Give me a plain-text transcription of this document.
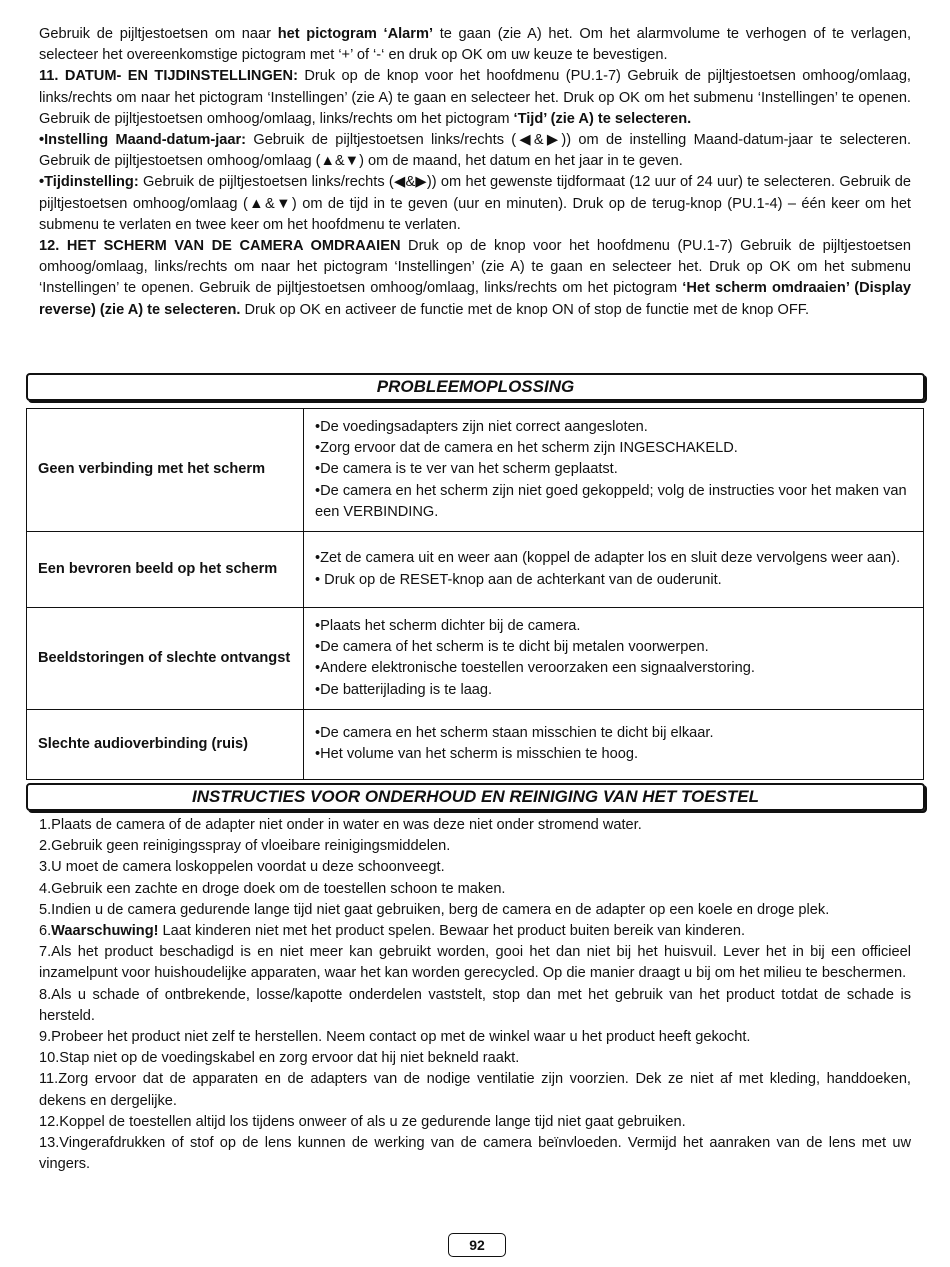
Gebruik de pijltjestoetsen om naar het pictogram ‘Alarm’ te gaan (zie A) het. Om het alarmvolume te verhogen of te verlagen, selecteer het overeenkomstige pictogram met ‘+’ of ‘-‘ en druk op OK om uw keuze te bevestigen.

11. DATUM- EN TIJDINSTELLINGEN: Druk op de knop voor het hoofdmenu (PU.1-7) Gebruik de pijltjestoetsen omhoog/omlaag, links/rechts om naar het pictogram ‘Instellingen’ (zie A) te gaan en selecteer het. Druk op OK om het submenu ‘Instellingen’ te openen. Gebruik de pijltjestoetsen omhoog/omlaag, links/rechts om het pictogram ‘Tijd’ (zie A) te selecteren.

•Instelling Maand-datum-jaar: Gebruik de pijltjestoetsen links/rechts (◀&▶)) om de instelling Maand-datum-jaar te selecteren. Gebruik de pijltjestoetsen omhoog/omlaag (▲&▼) om de maand, het datum en het jaar in te geven.

•Tijdinstelling: Gebruik de pijltjestoetsen links/rechts (◀&▶)) om het gewenste tijdformaat (12 uur of 24 uur) te selecteren. Gebruik de pijltjestoetsen omhoog/omlaag (▲&▼) om de tijd in te geven (uur en minuten). Druk op de terug-knop (PU.1-4) – één keer om het submenu te verlaten en twee keer om het hoofdmenu te verlaten.

12. HET SCHERM VAN DE CAMERA OMDRAAIEN Druk op de knop voor het hoofdmenu (PU.1-7) Gebruik de pijltjestoetsen omhoog/omlaag, links/rechts om naar het pictogram ‘Instellingen’ (zie A) te gaan en selecteer het. Druk op OK om het submenu ‘Instellingen’ te openen. Gebruik de pijltjestoetsen omhoog/omlaag, links/rechts om het pictogram ‘Het scherm omdraaien’ (Display reverse) (zie A) te selecteren. Druk op OK en activeer de functie met de knop ON of stop de functie met de knop OFF.

PROBLEEMOPLOSSING
Geen verbinding met het scherm	•De voedingsadapters zijn niet correct aangesloten.
•Zorg ervoor dat de camera en het scherm zijn INGESCHAKELD.
•De camera is te ver van het scherm geplaatst.
•De camera en het scherm zijn niet goed gekoppeld; volg de instructies voor het maken van een VERBINDING.

Een bevroren beeld op het scherm	•Zet de camera uit en weer aan (koppel de adapter los en sluit deze vervolgens weer aan).
• Druk op de RESET-knop aan de achterkant van de ouderunit.

Beeldstoringen of slechte ontvangst	•Plaats het scherm dichter bij de camera.
•De camera of het scherm is te dicht bij metalen voorwerpen.
•Andere elektronische toestellen veroorzaken een signaalverstoring.
•De batterijlading is te laag.

Slechte audioverbinding (ruis)	•De camera en het scherm staan misschien te dicht bij elkaar.
•Het volume van het scherm is misschien te hoog.
INSTRUCTIES VOOR ONDERHOUD EN REINIGING VAN HET TOESTEL

1.Plaats de camera of de adapter niet onder in water en was deze niet onder stromend water.

2.Gebruik geen reinigingsspray of vloeibare reinigingsmiddelen.

3.U moet de camera loskoppelen voordat u deze schoonveegt.

4.Gebruik een zachte en droge doek om de toestellen schoon te maken.

5.Indien u de camera gedurende lange tijd niet gaat gebruiken, berg de camera en de adapter op een koele en droge plek.

6.Waarschuwing! Laat kinderen niet met het product spelen. Bewaar het product buiten bereik van kinderen.

7.Als het product beschadigd is en niet meer kan gebruikt worden, gooi het dan niet bij het huisvuil. Lever het in bij een officieel inzamelpunt voor huishoudelijke apparaten, waar het kan worden gerecycled. Op die manier draagt u bij om het milieu te beschermen.

8.Als u schade of ontbrekende, losse/kapotte onderdelen vaststelt, stop dan met het gebruik van het product totdat de schade is hersteld.

9.Probeer het product niet zelf te herstellen. Neem contact op met de winkel waar u het product heeft gekocht.

10.Stap niet op de voedingskabel en zorg ervoor dat hij niet bekneld raakt.

11.Zorg ervoor dat de apparaten en de adapters van de nodige ventilatie zijn voorzien. Dek ze niet af met kleding, handdoeken, dekens en dergelijke.

12.Koppel de toestellen altijd los tijdens onweer of als u ze gedurende lange tijd niet gaat gebruiken.

13.Vingerafdrukken of stof op de lens kunnen de werking van de camera beïnvloeden. Vermijd het aanraken van de lens met uw vingers.

92
